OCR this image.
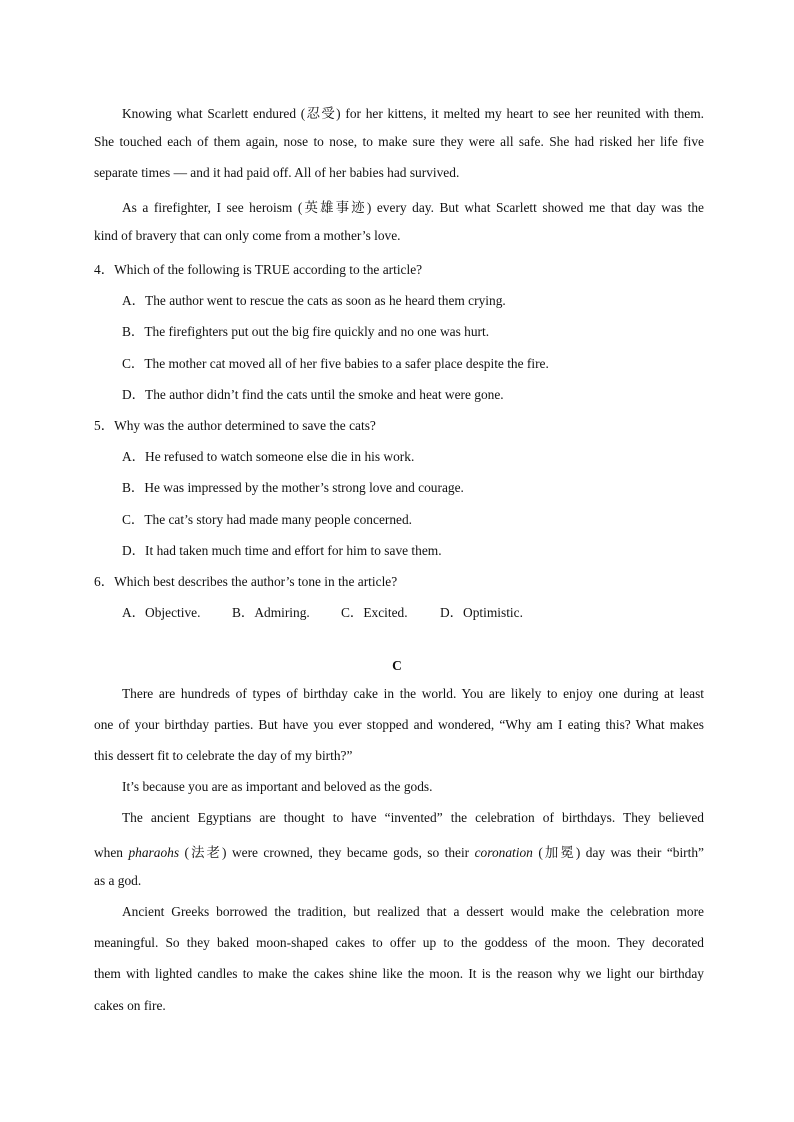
Knowing what Scarlett endured (忍受) for her kittens, it melted my heart to see her reunited with them.
She touched each of them again, nose to nose, to make sure they were all safe. She had risked her life five
separate times — and it had paid off. All of her babies had survived.
As a firefighter, I see heroism (英雄事迹) every day. But what Scarlett showed me that day was the
kind of bravery that can only come from a mother’s love.
4．Which of the following is TRUE according to the article?
A．The author went to rescue the cats as soon as he heard them crying.
B．The firefighters put out the big fire quickly and no one was hurt.
C．The mother cat moved all of her five babies to a safer place despite the fire.
D．The author didn’t find the cats until the smoke and heat were gone.
5．Why was the author determined to save the cats?
A．He refused to watch someone else die in his work.
B．He was impressed by the mother’s strong love and courage.
C．The cat’s story had made many people concerned.
D．It had taken much time and effort for him to save them.
6．Which best describes the author’s tone in the article?
A．Objective.	B．Admiring.	C．Excited.	D．Optimistic.
C
There are hundreds of types of birthday cake in the world. You are likely to enjoy one during at least
one of your birthday parties. But have you ever stopped and wondered, “Why am I eating this? What makes
this dessert fit to celebrate the day of my birth?”
It’s because you are as important and beloved as the gods.
The ancient Egyptians are thought to have “invented” the celebration of birthdays. They believed
when pharaohs (法老) were crowned, they became gods, so their coronation (加冕) day was their “birth”
as a god.
Ancient Greeks borrowed the tradition, but realized that a dessert would make the celebration more
meaningful. So they baked moon-shaped cakes to offer up to the goddess of the moon. They decorated
them with lighted candles to make the cakes shine like the moon. It is the reason why we light our birthday
cakes on fire.
